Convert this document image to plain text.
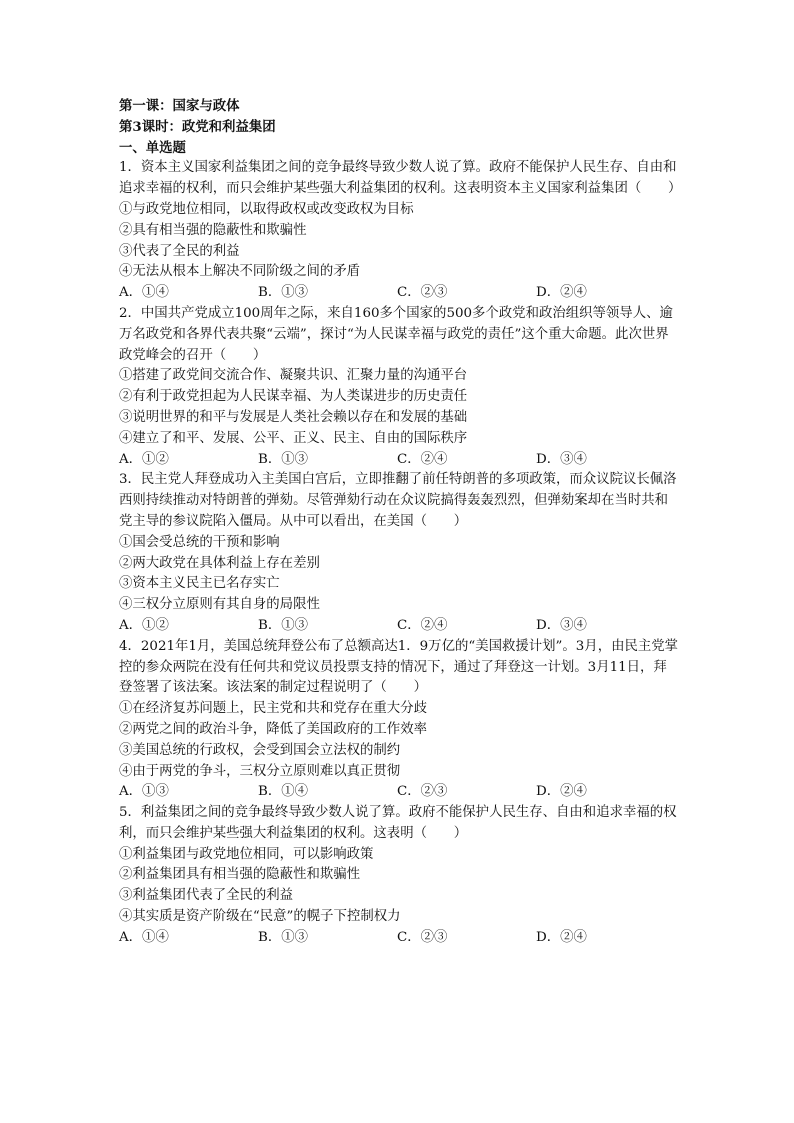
第一课：国家与政体
第3课时：政党和利益集团
一、单选题
1．资本主义国家利益集团之间的竞争最终导致少数人说了算。政府不能保护人民生存、自由和追求幸福的权利，而只会维护某些强大利益集团的权利。这表明资本主义国家利益集团（　　）
①与政党地位相同，以取得政权或改变政权为目标
②具有相当强的隐蔽性和欺骗性
③代表了全民的利益
④无法从根本上解决不同阶级之间的矛盾
A．①④	B．①③	C．②③	D．②④
2．中国共产党成立100周年之际，来自160多个国家的500多个政党和政治组织等领导人、逾万名政党和各界代表共聚“云端”，探讨“为人民谋幸福与政党的责任”这个重大命题。此次世界政党峰会的召开（　　）
①搭建了政党间交流合作、凝聚共识、汇聚力量的沟通平台
②有利于政党担起为人民谋幸福、为人类谋进步的历史责任
③说明世界的和平与发展是人类社会赖以存在和发展的基础
④建立了和平、发展、公平、正义、民主、自由的国际秩序
A．①②	B．①③	C．②④	D．③④
3．民主党人拜登成功入主美国白宫后，立即推翻了前任特朗普的多项政策，而众议院议长佩洛西则持续推动对特朗普的弹劾。尽管弹劾行动在众议院搞得轰轰烈烈，但弹劾案却在当时共和党主导的参议院陷入僵局。从中可以看出，在美国（　　）
①国会受总统的干预和影响
②两大政党在具体利益上存在差别
③资本主义民主已名存实亡
④三权分立原则有其自身的局限性
A．①②	B．①③	C．②④	D．③④
4．2021年1月，美国总统拜登公布了总额高达1．9万亿的“美国救援计划”。3月，由民主党掌控的参众两院在没有任何共和党议员投票支持的情况下，通过了拜登这一计划。3月11日，拜登签署了该法案。该法案的制定过程说明了（　　）
①在经济复苏问题上，民主党和共和党存在重大分歧
②两党之间的政治斗争，降低了美国政府的工作效率
③美国总统的行政权，会受到国会立法权的制约
④由于两党的争斗，三权分立原则难以真正贯彻
A．①③	B．①④	C．②③	D．②④
5．利益集团之间的竞争最终导致少数人说了算。政府不能保护人民生存、自由和追求幸福的权利，而只会维护某些强大利益集团的权利。这表明（　　）
①利益集团与政党地位相同，可以影响政策
②利益集团具有相当强的隐蔽性和欺骗性
③利益集团代表了全民的利益
④其实质是资产阶级在“民意”的幌子下控制权力
A．①④	B．①③	C．②③	D．②④
